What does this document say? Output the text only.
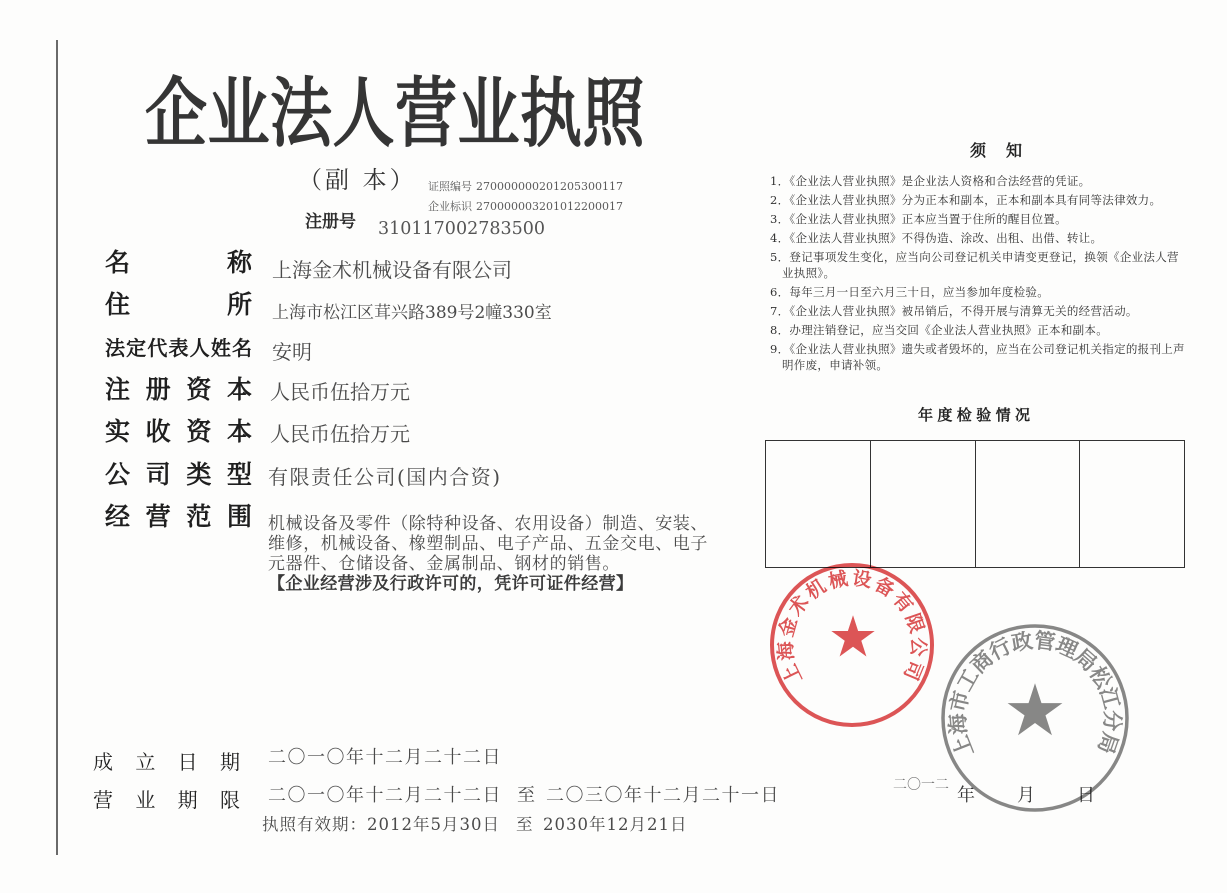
企业法人营业执照
（副 本） 证照编号 270000000201205300117
企业标识 270000003201012200017
注册号 310117002783500
名称 上海金术机械设备有限公司
住所 上海市松江区茸兴路389号2幢330室
法定代表人姓名 安明
注册资本 人民币伍拾万元
实收资本 人民币伍拾万元
公司类型 有限责任公司(国内合资)
经营范围 机械设备及零件（除特种设备、农用设备）制造、安装、维修，机械设备、橡塑制品、电子产品、五金交电、电子元器件、仓储设备、金属制品、钢材的销售。
【企业经营涉及行政许可的，凭许可证件经营】
成立日期 二〇一〇年十二月二十二日
营业期限 二〇一〇年十二月二十二日 至 二〇三〇年十二月二十一日
执照有效期：2012年5月30日 至 2030年12月21日
须知
1．《企业法人营业执照》是企业法人资格和合法经营的凭证。
2．《企业法人营业执照》分为正本和副本，正本和副本具有同等法律效力。
3．《企业法人营业执照》正本应当置于住所的醒目位置。
4．《企业法人营业执照》不得伪造、涂改、出租、出借、转让。
5．登记事项发生变化，应当向公司登记机关申请变更登记，换领《企业法人营业执照》。
6．每年三月一日至六月三十日，应当参加年度检验。
7．《企业法人营业执照》被吊销后，不得开展与清算无关的经营活动。
8．办理注销登记，应当交回《企业法人营业执照》正本和副本。
9．《企业法人营业执照》遗失或者毁坏的，应当在公司登记机关指定的报刊上声明作废，申请补领。
年度检验情况

二〇一二 年 月 日
上海金术机械设备有限公司
上海市工商行政管理局松江分局
